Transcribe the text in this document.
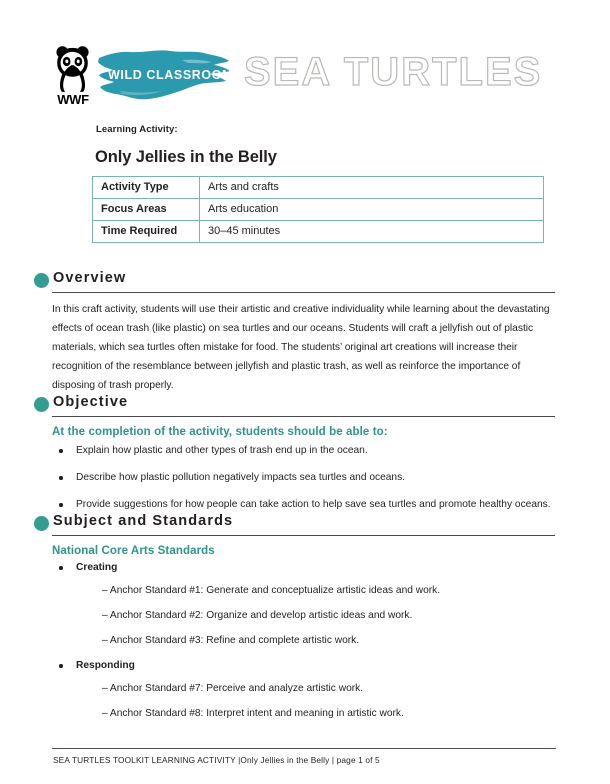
WWF
WILD CLASSROOM SEA TURTLES
Learning Activity:
Only Jellies in the Belly
Activity Type	Arts and crafts
Focus Areas	Arts education
Time Required	30–45 minutes
Overview
In this craft activity, students will use their artistic and creative individuality while learning about the devastating effects of ocean trash (like plastic) on sea turtles and our oceans. Students will craft a jellyfish out of plastic materials, which sea turtles often mistake for food. The students’ original art creations will increase their recognition of the resemblance between jellyfish and plastic trash, as well as reinforce the importance of disposing of trash properly.
Objective
At the completion of the activity, students should be able to:
Explain how plastic and other types of trash end up in the ocean.
Describe how plastic pollution negatively impacts sea turtles and oceans.
Provide suggestions for how people can take action to help save sea turtles and promote healthy oceans.
Subject and Standards
National Core Arts Standards
Creating
– Anchor Standard #1: Generate and conceptualize artistic ideas and work.
– Anchor Standard #2: Organize and develop artistic ideas and work.
– Anchor Standard #3: Refine and complete artistic work.
Responding
– Anchor Standard #7: Perceive and analyze artistic work.
– Anchor Standard #8: Interpret intent and meaning in artistic work.
SEA TURTLES TOOLKIT LEARNING ACTIVITY |Only Jellies in the Belly | page 1 of 5
